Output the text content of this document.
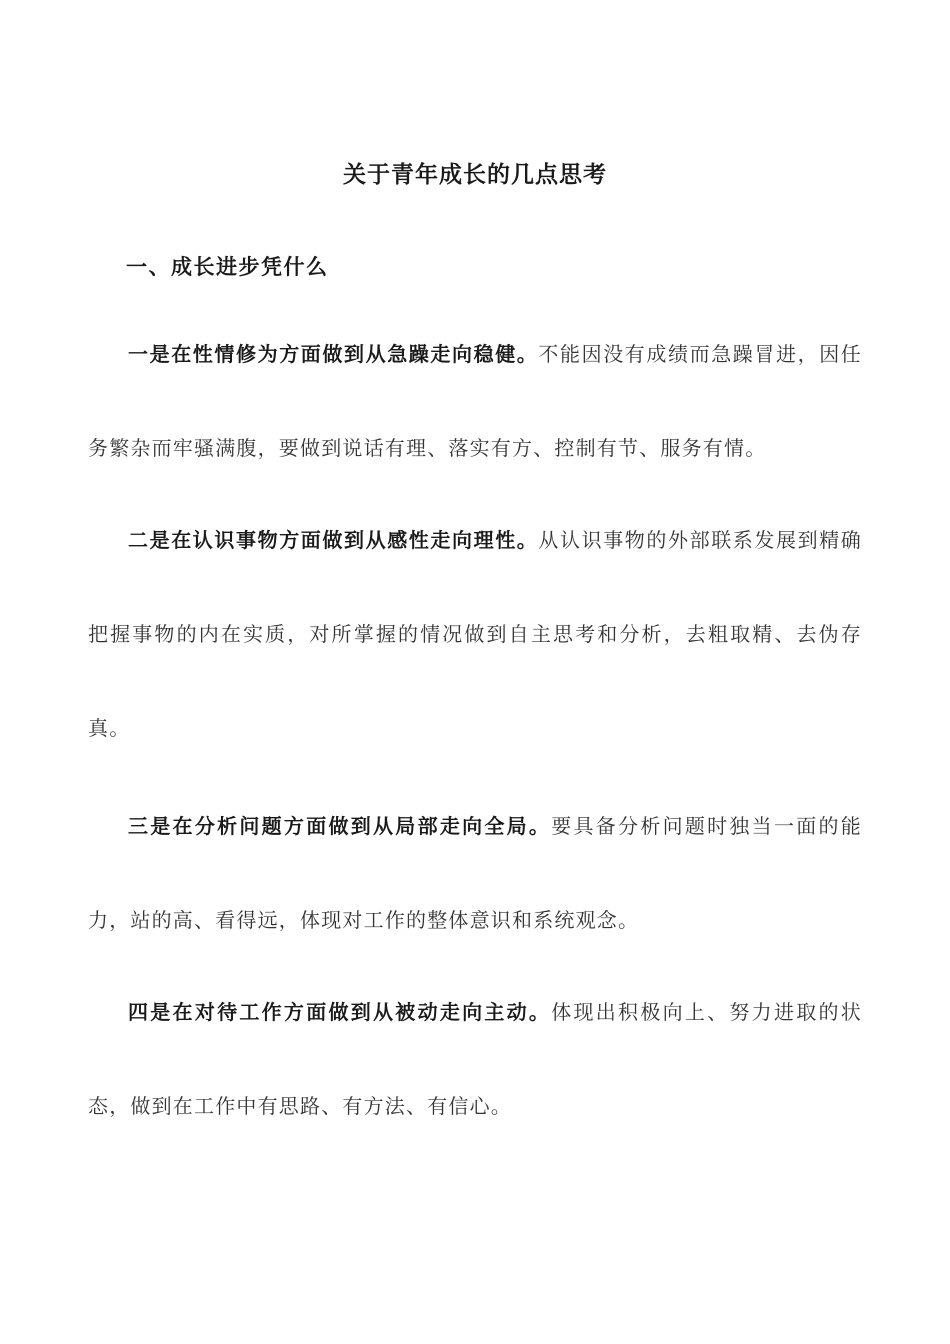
关于青年成长的几点思考
一、成长进步凭什么

一是在性情修为方面做到从急躁走向稳健。不能因没有成绩而急躁冒进，因任务繁杂而牢骚满腹，要做到说话有理、落实有方、控制有节、服务有情。

二是在认识事物方面做到从感性走向理性。从认识事物的外部联系发展到精确把握事物的内在实质，对所掌握的情况做到自主思考和分析，去粗取精、去伪存真。

三是在分析问题方面做到从局部走向全局。要具备分析问题时独当一面的能力，站的高、看得远，体现对工作的整体意识和系统观念。

四是在对待工作方面做到从被动走向主动。体现出积极向上、努力进取的状态，做到在工作中有思路、有方法、有信心。
